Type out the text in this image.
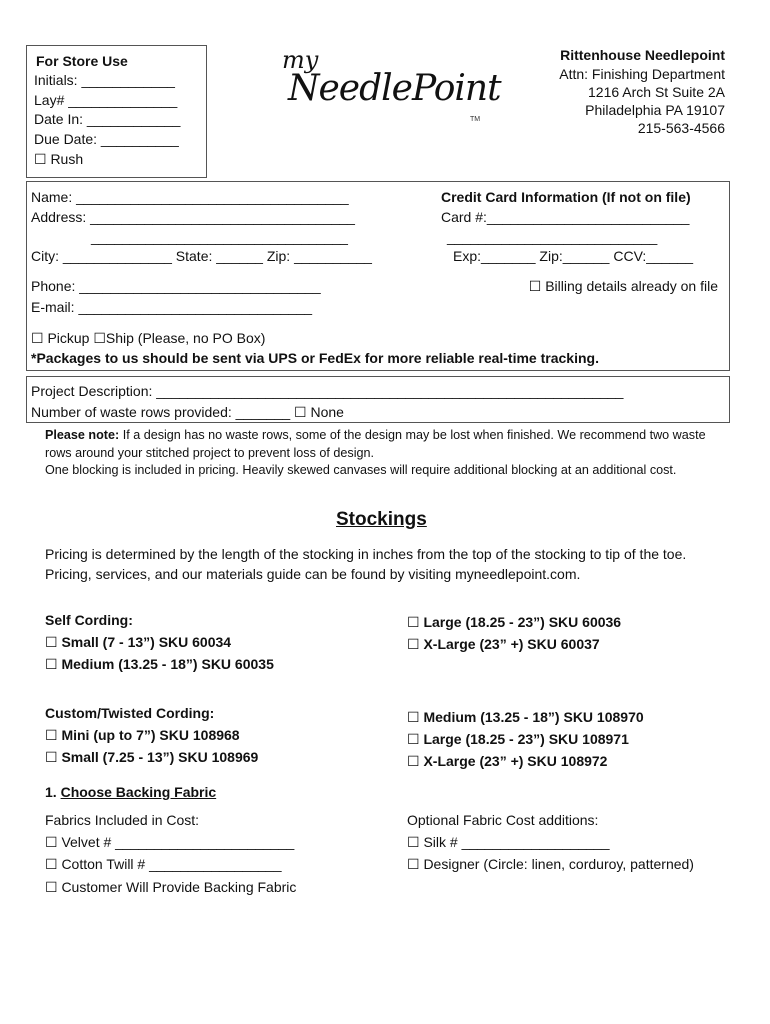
For Store Use
Initials: ____________
Lay# ______________
Date In: ____________
Due Date: __________
☐ Rush
my
NeedlePoint
TM
Rittenhouse Needlepoint
Attn: Finishing Department
1216 Arch St Suite 2A
Philadelphia PA 19107
215-563-4566
Name: ___________________________________
Address: __________________________________
_________________________________
City: ______________ State: ______ Zip: __________
Phone: _______________________________
E-mail: ______________________________
Credit Card Information (If not on file)
Card #:__________________________
___________________________
Exp:_______ Zip:______ CCV:______
☐ Billing details already on file
☐ Pickup ☐Ship (Please, no PO Box)
*Packages to us should be sent via UPS or FedEx for more reliable real-time tracking.
Project Description: ____________________________________________________________
Number of waste rows provided: _______ ☐ None
Please note: If a design has no waste rows, some of the design may be lost when finished. We recommend two waste rows around your stitched project to prevent loss of design.
One blocking is included in pricing. Heavily skewed canvases will require additional blocking at an additional cost.
Stockings
Pricing is determined by the length of the stocking in inches from the top of the stocking to tip of the toe. Pricing, services, and our materials guide can be found by visiting myneedlepoint.com.
Self Cording:
☐ Small (7 - 13”) SKU 60034
☐ Medium (13.25 - 18”) SKU 60035
☐ Large (18.25 - 23”) SKU 60036
☐ X-Large (23” +) SKU 60037
Custom/Twisted Cording:
☐ Mini (up to 7”) SKU 108968
☐ Small (7.25 - 13”) SKU 108969
☐ Medium (13.25 - 18”) SKU 108970
☐ Large (18.25 - 23”) SKU 108971
☐ X-Large (23” +) SKU 108972
1. Choose Backing Fabric
Fabrics Included in Cost:
☐ Velvet # _______________________
☐ Cotton Twill # _________________
☐ Customer Will Provide Backing Fabric
Optional Fabric Cost additions:
☐ Silk # ___________________
☐ Designer (Circle: linen, corduroy, patterned)
